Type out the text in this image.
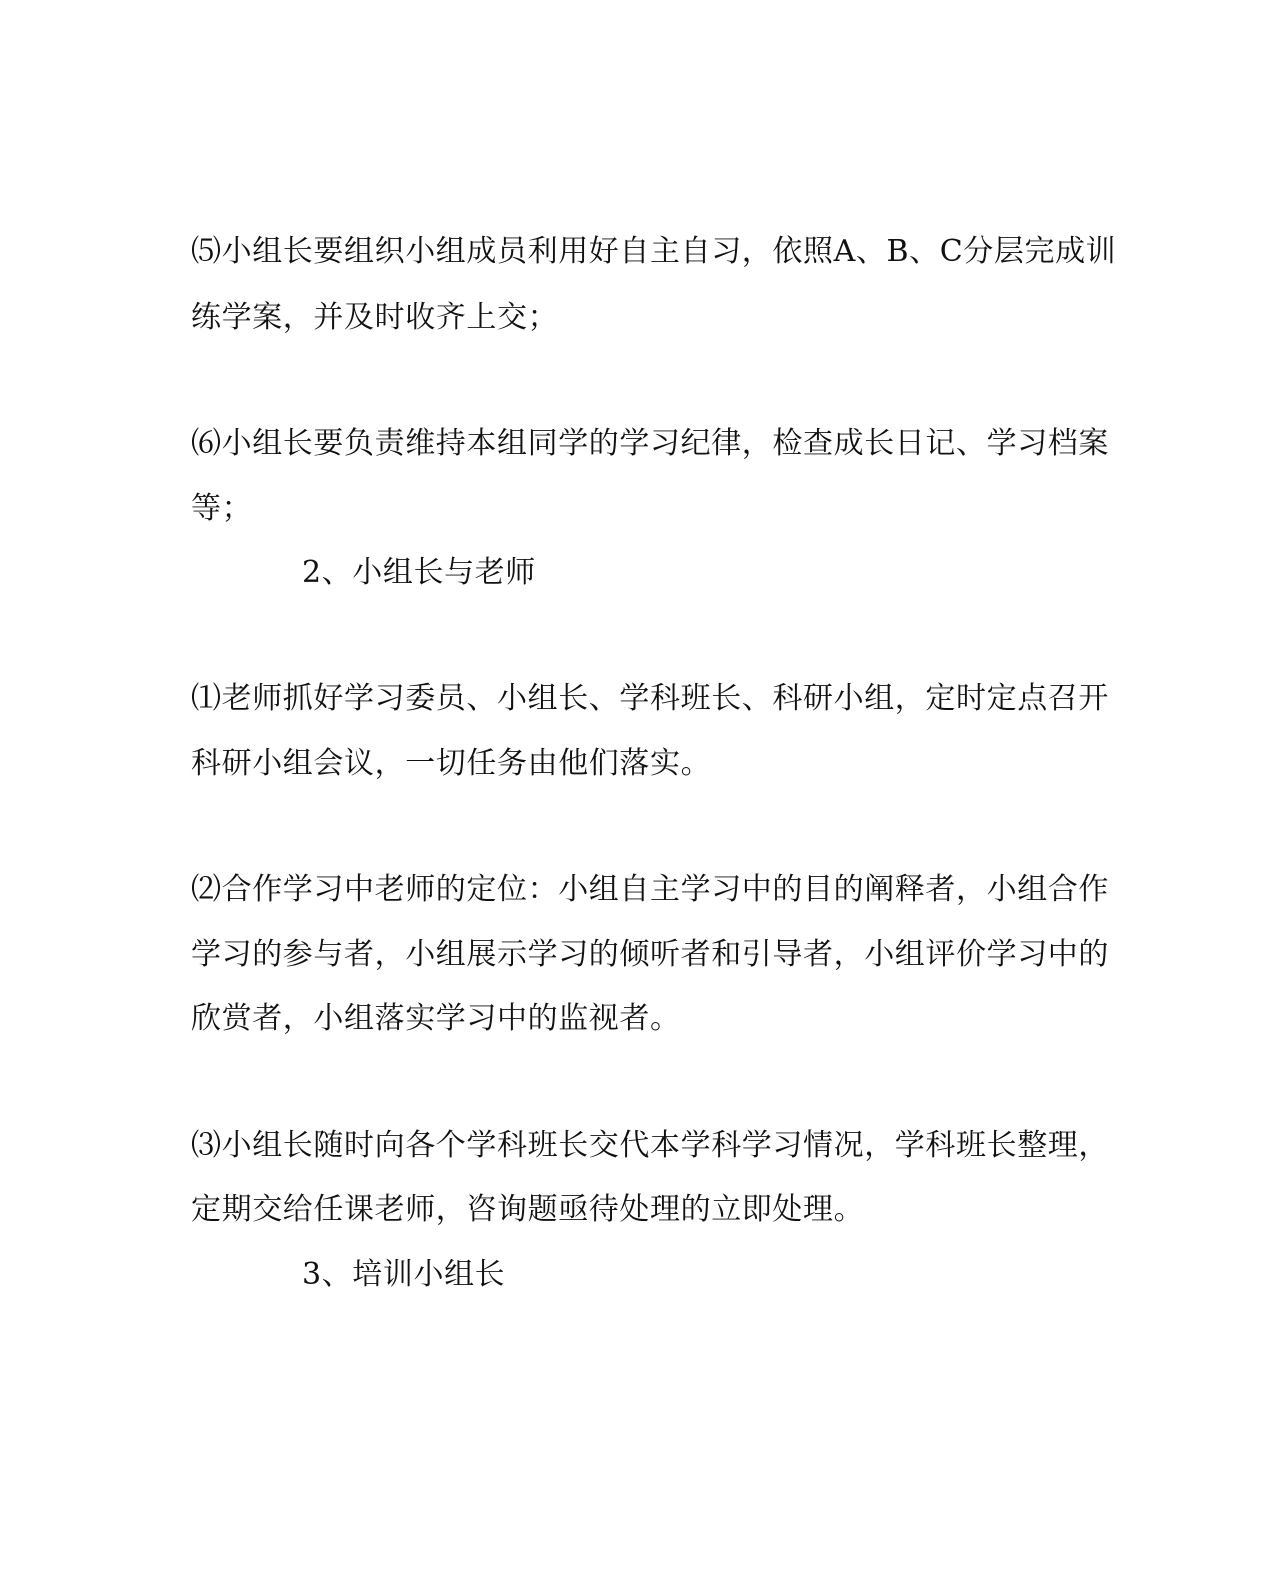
⑸小组长要组织小组成员利用好自主自习，依照A、B、C分层完成训
练学案，并及时收齐上交；
⑹小组长要负责维持本组同学的学习纪律，检查成长日记、学习档案
等；
2、小组长与老师
⑴老师抓好学习委员、小组长、学科班长、科研小组，定时定点召开
科研小组会议，一切任务由他们落实。
⑵合作学习中老师的定位：小组自主学习中的目的阐释者，小组合作
学习的参与者，小组展示学习的倾听者和引导者，小组评价学习中的
欣赏者，小组落实学习中的监视者。
⑶小组长随时向各个学科班长交代本学科学习情况，学科班长整理，
定期交给任课老师，咨询题亟待处理的立即处理。
3、培训小组长
